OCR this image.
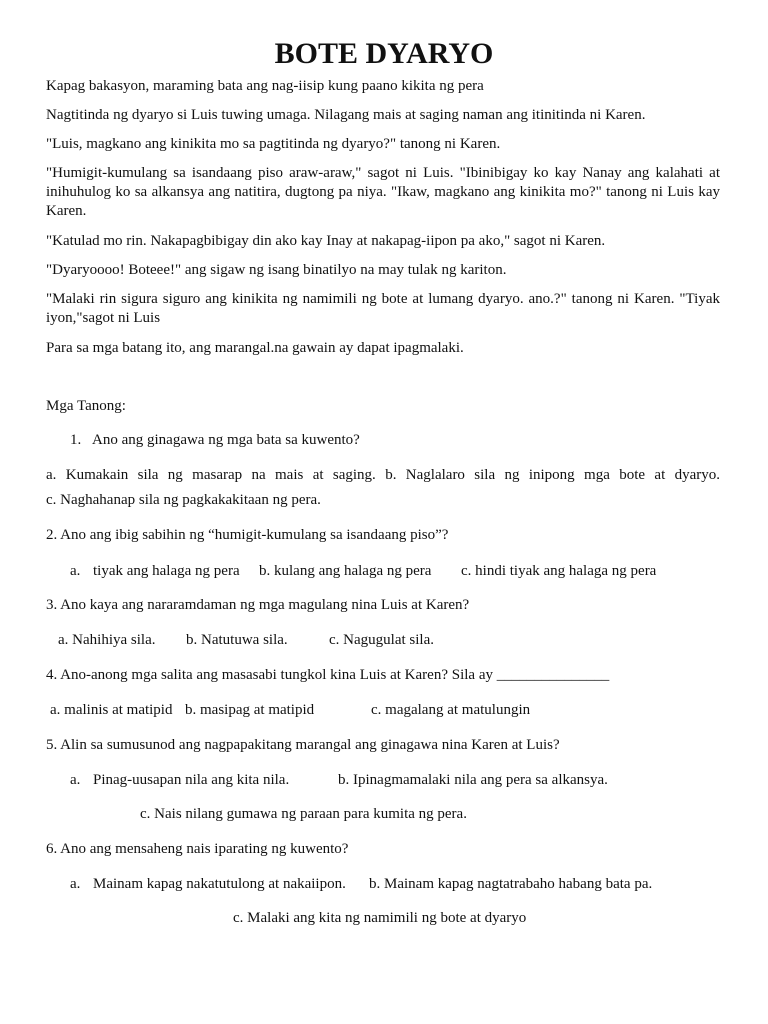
BOTE DYARYO

Kapag bakasyon, maraming bata ang nag-iisip kung paano kikita ng pera

Nagtitinda ng dyaryo si Luis tuwing umaga. Nilagang mais at saging naman ang itinitinda ni Karen.

"Luis, magkano ang kinikita mo sa pagtitinda ng dyaryo?" tanong ni Karen.

"Humigit-kumulang sa isandaang piso araw-araw," sagot ni Luis. "Ibinibigay ko kay Nanay ang kalahati at inihuhulog ko sa alkansya ang natitira, dugtong pa niya. "Ikaw, magkano ang kinikita mo?" tanong ni Luis kay Karen.

"Katulad mo rin. Nakapagbibigay din ako kay Inay at nakapag-iipon pa ako," sagot ni Karen.

"Dyaryoooo! Boteee!" ang sigaw ng isang binatilyo na may tulak ng kariton.

"Malaki rin sigura siguro ang kinikita ng namimili ng bote at lumang dyaryo. ano.?" tanong ni Karen. "Tiyak iyon,"sagot ni Luis

Para sa mga batang ito, ang marangal.na gawain ay dapat ipagmalaki.

Mga Tanong:

1. Ano ang ginagawa ng mga bata sa kuwento?

a. Kumakain sila ng masarap na mais at saging. b. Naglalaro sila ng inipong mga bote at dyaryo.

c. Naghahanap sila ng pagkakakitaan ng pera.

2. Ano ang ibig sabihin ng “humigit-kumulang sa isandaang piso”?

a. tiyak ang halaga ng pera b. kulang ang halaga ng pera c. hindi tiyak ang halaga ng pera

3. Ano kaya ang nararamdaman ng mga magulang nina Luis at Karen?

a. Nahihiya sila. b. Natutuwa sila.	c. Nagugulat sila.

4. Ano-anong mga salita ang masasabi tungkol kina Luis at Karen? Sila ay _______________

a. malinis at matipid b. masipag at matipid	c. magalang at matulungin

5. Alin sa sumusunod ang nagpapakitang marangal ang ginagawa nina Karen at Luis?

a. Pinag-uusapan nila ang kita nila.	b. Ipinagmamalaki nila ang pera sa alkansya.

c. Nais nilang gumawa ng paraan para kumita ng pera.

6. Ano ang mensaheng nais iparating ng kuwento?

a. Mainam kapag nakatutulong at nakaiipon. b. Mainam kapag nagtatrabaho habang bata pa.

c. Malaki ang kita ng namimili ng bote at dyaryo
